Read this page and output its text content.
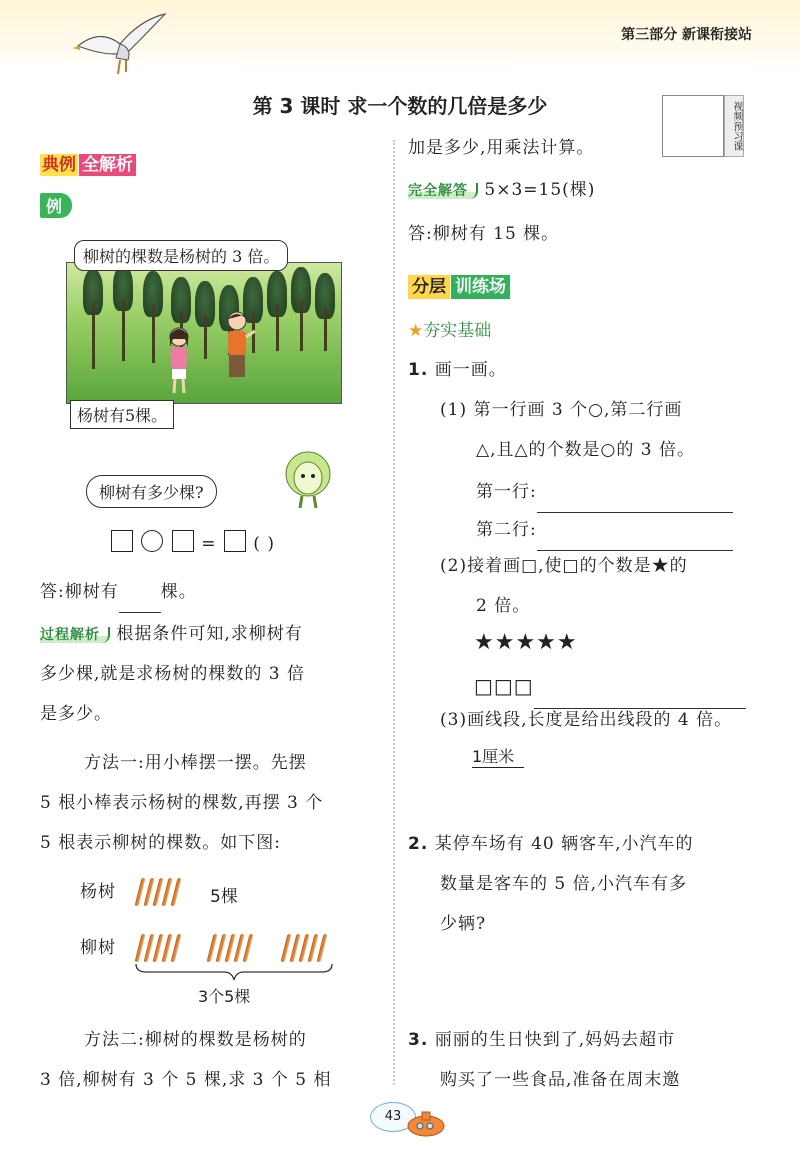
第三部分 新课衔接站
第 3 课时 求一个数的几倍是多少	视频预习课
典例 全解析
例
柳树的棵数是杨树的 3 倍。
杨树有5棵。
柳树有多少棵?
= ( )
答:柳树有 棵。
过程解析 根据条件可知,求柳树有
多少棵,就是求杨树的棵数的 3 倍
是多少。
方法一:用小棒摆一摆。先摆
5 根小棒表示杨树的棵数,再摆 3 个
5 根表示柳树的棵数。如下图:
杨树	5棵
柳树
3个5棵
方法二:柳树的棵数是杨树的
3 倍,柳树有 3 个 5 棵,求 3 个 5 相
加是多少,用乘法计算。
完全解答 5×3=15(棵)
答:柳树有 15 棵。
分层 训练场
★夯实基础
1. 画一画。
(1) 第一行画 3 个○,第二行画
△,且△的个数是○的 3 倍。
第一行:
第二行:
(2)接着画□,使□的个数是★的
2 倍。
★★★★★
□□□
(3)画线段,长度是给出线段的 4 倍。
1厘米
2. 某停车场有 40 辆客车,小汽车的
数量是客车的 5 倍,小汽车有多
少辆?
3. 丽丽的生日快到了,妈妈去超市
购买了一些食品,准备在周末邀
43
